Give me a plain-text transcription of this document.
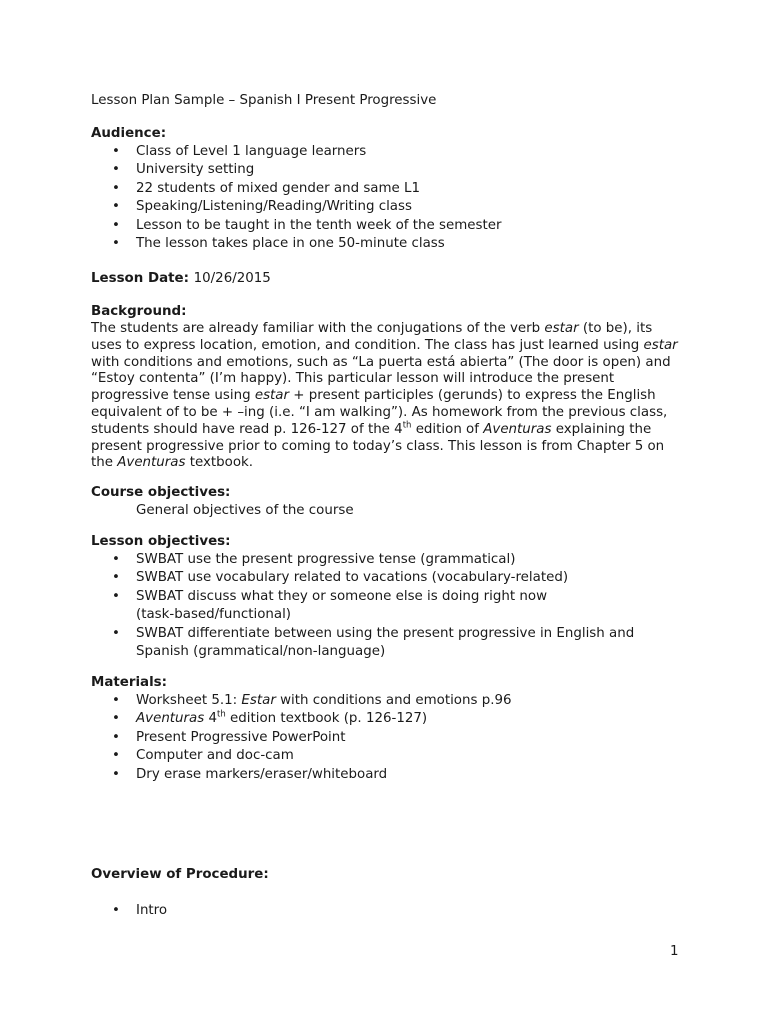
Lesson Plan Sample – Spanish I Present Progressive
Audience:
• Class of Level 1 language learners
• University setting
• 22 students of mixed gender and same L1
• Speaking/Listening/Reading/Writing class
• Lesson to be taught in the tenth week of the semester
• The lesson takes place in one 50-minute class
Lesson Date: 10/26/2015
Background:
The students are already familiar with the conjugations of the verb estar (to be), its uses to express location, emotion, and condition. The class has just learned using estar with conditions and emotions, such as “La puerta está abierta” (The door is open) and “Estoy contenta” (I’m happy). This particular lesson will introduce the present progressive tense using estar + present participles (gerunds) to express the English equivalent of to be + –ing (i.e. “I am walking”). As homework from the previous class, students should have read p. 126-127 of the 4th edition of Aventuras explaining the present progressive prior to coming to today’s class. This lesson is from Chapter 5 on the Aventuras textbook.
Course objectives:
General objectives of the course
Lesson objectives:
• SWBAT use the present progressive tense (grammatical)
• SWBAT use vocabulary related to vacations (vocabulary-related)
• SWBAT discuss what they or someone else is doing right now (task-based/functional)
• SWBAT differentiate between using the present progressive in English and Spanish (grammatical/non-language)
Materials:
• Worksheet 5.1: Estar with conditions and emotions p.96
• Aventuras 4th edition textbook (p. 126-127)
• Present Progressive PowerPoint
• Computer and doc-cam
• Dry erase markers/eraser/whiteboard
Overview of Procedure:
• Intro
1
